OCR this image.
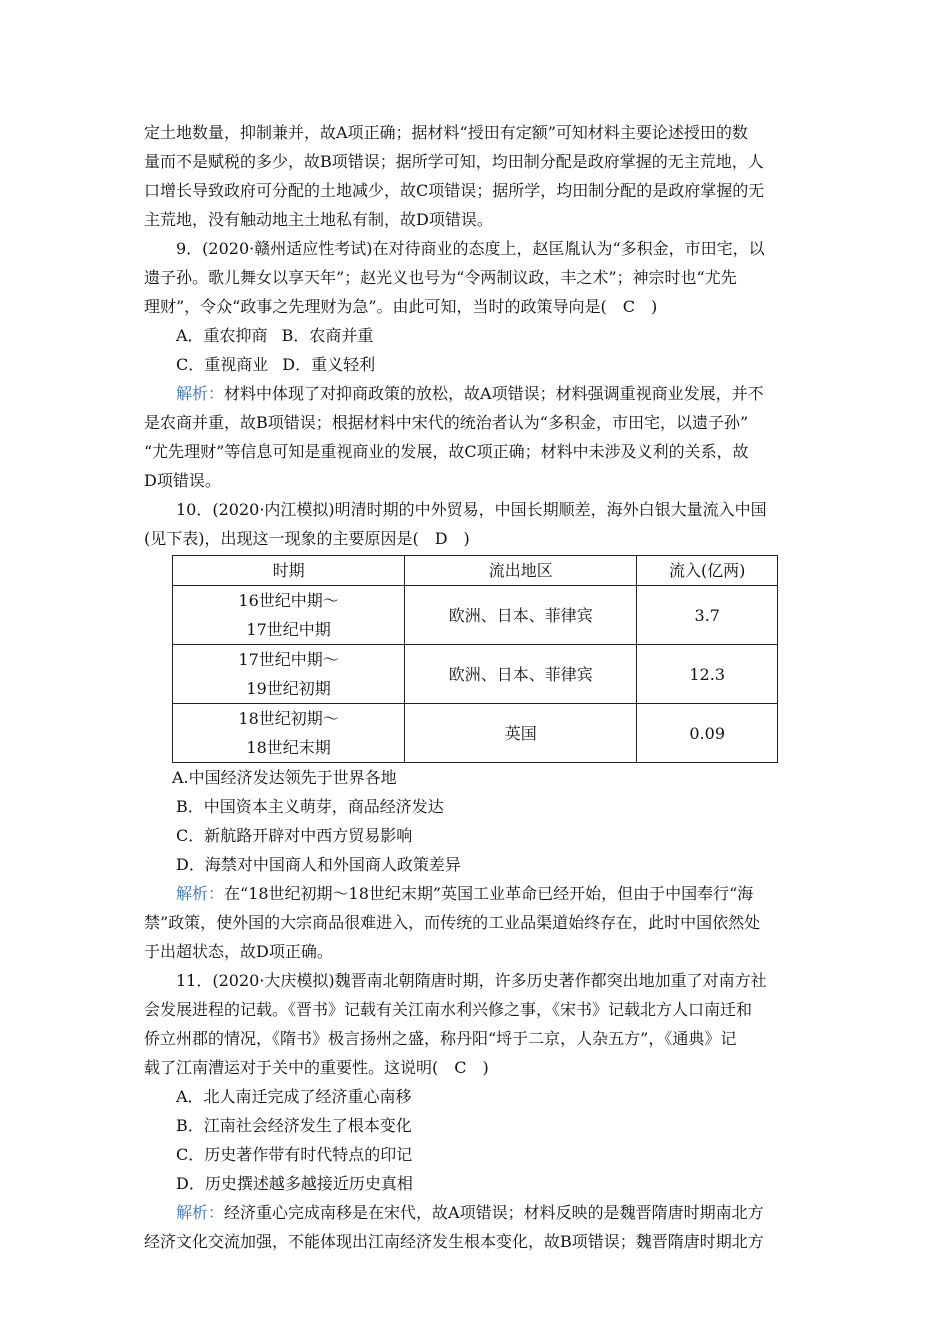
定土地数量，抑制兼并，故A项正确；据材料“授田有定额”可知材料主要论述授田的数

量而不是赋税的多少，故B项错误；据所学可知，均田制分配是政府掌握的无主荒地，人

口增长导致政府可分配的土地减少，故C项错误；据所学，均田制分配的是政府掌握的无

主荒地，没有触动地主土地私有制，故D项错误。

9．(2020·赣州适应性考试)在对待商业的态度上，赵匡胤认为“多积金，市田宅，以

遗子孙。歌儿舞女以享天年”；赵光义也号为“令两制议政，丰之术”；神宗时也“尤先

理财”，令众“政事之先理财为急”。由此可知，当时的政策导向是(　C　)

A．重农抑商 B．农商并重

C．重视商业 D．重义轻利

解析：材料中体现了对抑商政策的放松，故A项错误；材料强调重视商业发展，并不

是农商并重，故B项错误；根据材料中宋代的统治者认为“多积金，市田宅，以遗子孙”

“尤先理财”等信息可知是重视商业的发展，故C项正确；材料中未涉及义利的关系，故

D项错误。

10．(2020·内江模拟)明清时期的中外贸易，中国长期顺差，海外白银大量流入中国

(见下表)，出现这一现象的主要原因是(　D　)

时期	流出地区	流入(亿两)

16世纪中期～
17世纪中期	欧洲、日本、菲律宾	3.7

17世纪中期～
19世纪初期	欧洲、日本、菲律宾	12.3

18世纪初期～
18世纪末期	英国	0.09

A.中国经济发达领先于世界各地

B．中国资本主义萌芽，商品经济发达

C．新航路开辟对中西方贸易影响

D．海禁对中国商人和外国商人政策差异

解析：在“18世纪初期～18世纪末期”英国工业革命已经开始，但由于中国奉行“海

禁”政策，使外国的大宗商品很难进入，而传统的工业品渠道始终存在，此时中国依然处

于出超状态，故D项正确。

11．(2020·大庆模拟)魏晋南北朝隋唐时期，许多历史著作都突出地加重了对南方社

会发展进程的记载。《晋书》记载有关江南水利兴修之事，《宋书》记载北方人口南迁和

侨立州郡的情况，《隋书》极言扬州之盛，称丹阳“埒于二京，人杂五方”，《通典》记

载了江南漕运对于关中的重要性。这说明(　C　)

A．北人南迁完成了经济重心南移

B．江南社会经济发生了根本变化

C．历史著作带有时代特点的印记

D．历史撰述越多越接近历史真相

解析：经济重心完成南移是在宋代，故A项错误；材料反映的是魏晋隋唐时期南北方

经济文化交流加强，不能体现出江南经济发生根本变化，故B项错误；魏晋隋唐时期北方
